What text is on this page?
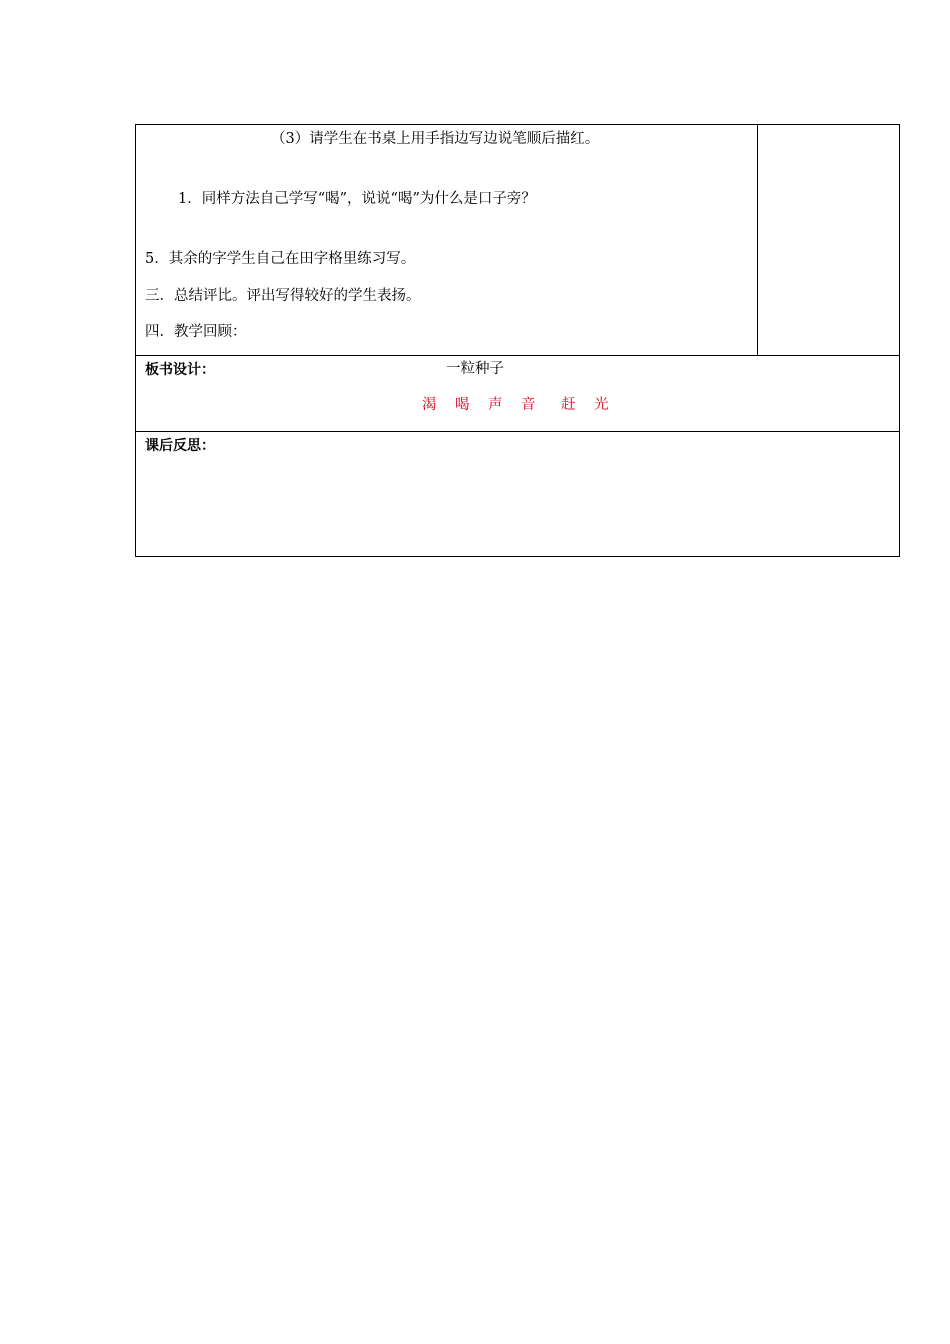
（3）请学生在书桌上用手指边写边说笔顺后描红。
1．同样方法自己学写“喝”，说说“喝”为什么是口子旁？
5．其余的字学生自己在田字格里练习写。
三．总结评比。评出写得较好的学生表扬。
四．教学回顾：

板书设计：	一粒种子
渴 喝 声 音 赶 光

课后反思：
